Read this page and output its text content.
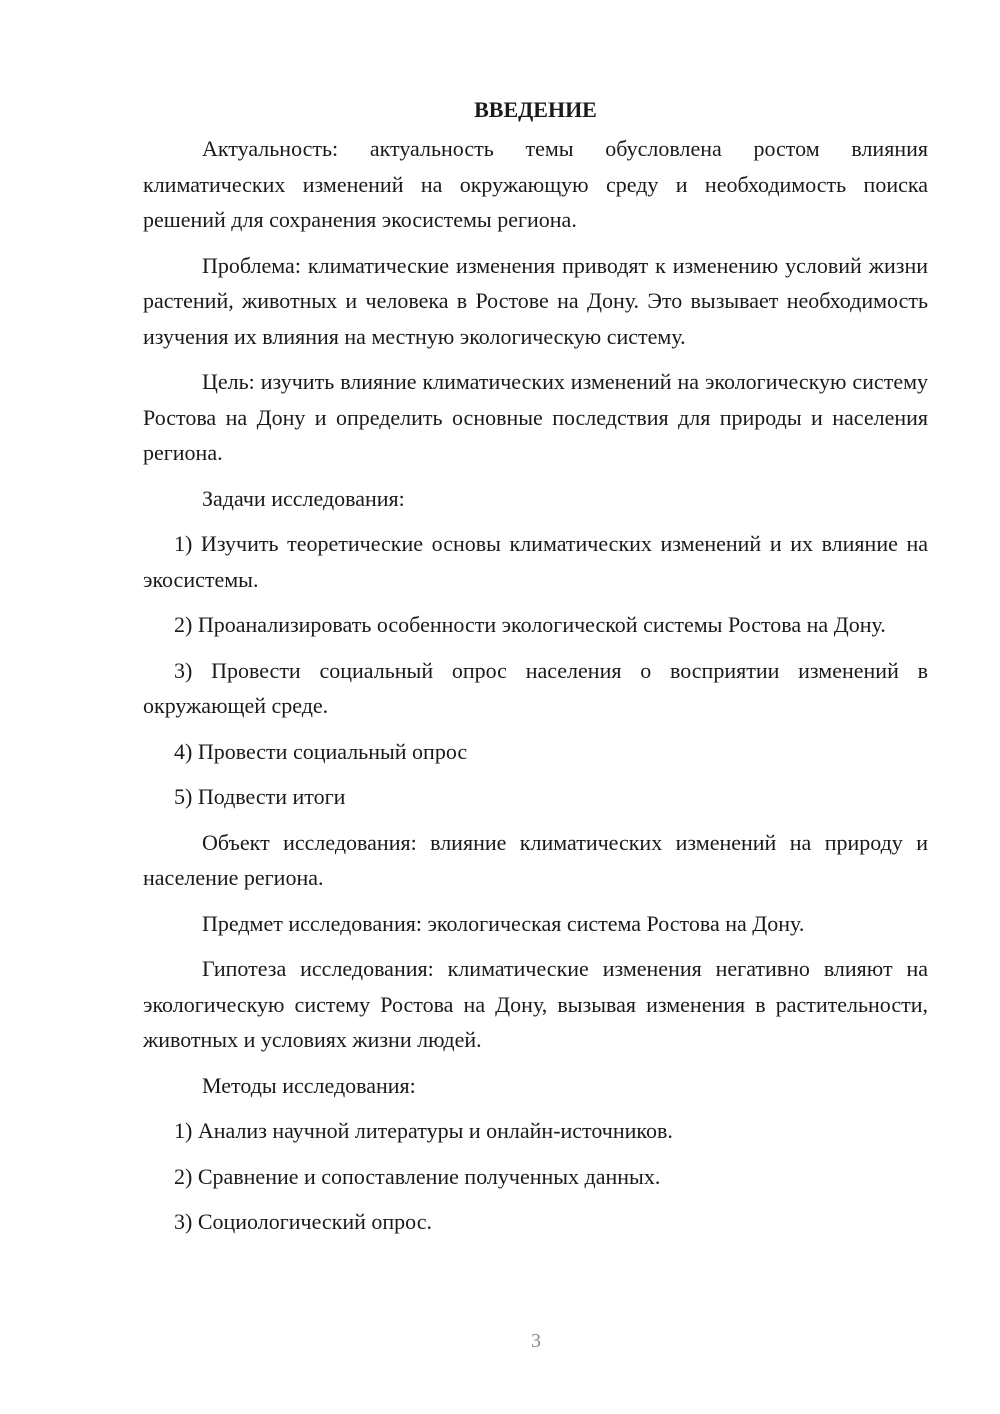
ВВЕДЕНИЕ
Актуальность: актуальность темы обусловлена ростом влияния климатических изменений на окружающую среду и необходимость поиска решений для сохранения экосистемы региона.
Проблема: климатические изменения приводят к изменению условий жизни растений, животных и человека в Ростове на Дону. Это вызывает необходимость изучения их влияния на местную экологическую систему.
Цель: изучить влияние климатических изменений на экологическую систему Ростова на Дону и определить основные последствия для природы и населения региона.
Задачи исследования:
1) Изучить теоретические основы климатических изменений и их влияние на экосистемы.
2) Проанализировать особенности экологической системы Ростова на Дону.
3) Провести социальный опрос населения о восприятии изменений в окружающей среде.
4) Провести социальный опрос
5) Подвести итоги
Объект исследования: влияние климатических изменений на природу и население региона.
Предмет исследования: экологическая система Ростова на Дону.
Гипотеза исследования: климатические изменения негативно влияют на экологическую систему Ростова на Дону, вызывая изменения в растительности, животных и условиях жизни людей.
Методы исследования:
1) Анализ научной литературы и онлайн-источников.
2) Сравнение и сопоставление полученных данных.
3) Социологический опрос.
3
